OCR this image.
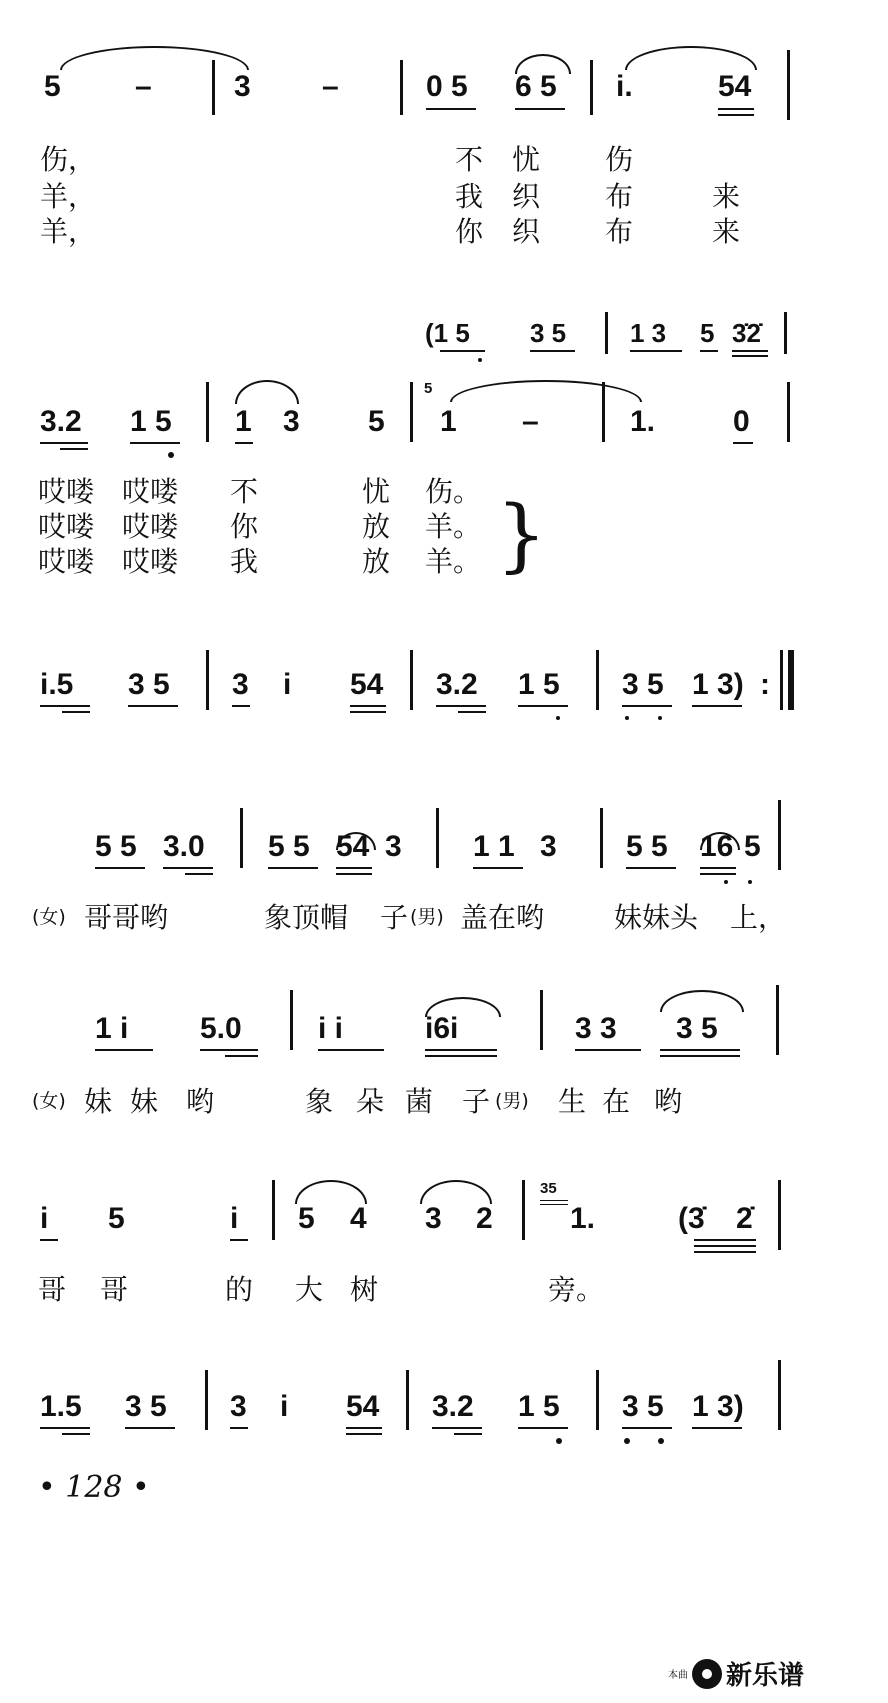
5 –	3 –	0 5 6 5 i.	54
伤，	不 忧 伤
羊，	我 织 布	来
羊，	你 织 布	来
(1 5 3 5 1 3 5 3̇2̇
3.2 1 5 1 3 5
5
1 –	1.	0
哎喽 哎喽 不	忧 伤。
哎喽 哎喽 你	放 羊。
哎喽 哎喽 我	放 羊。 }
i.5 3 5 3 i 54 3.2 1 5 3 5 1 3) :
5 5 3.0 5 5 54 3 1 1 3 5 5 16 5
(女) 哥哥哟	象顶帽 子 (男) 盖在哟 妹妹头 上，
1 i 5.0	i i	i6i	3 3 3 5
(女) 妹 妹 哟	象 朵 菌 子 (男) 生 在 哟
i 5	i 5 4 3 2
35
1.	(3̇ 2̇
哥 哥	的 大 树	旁。
1.5 3 5 3 i 54 3.2 1 5 3 5 1 3)
• 128 •
本曲 新乐谱
